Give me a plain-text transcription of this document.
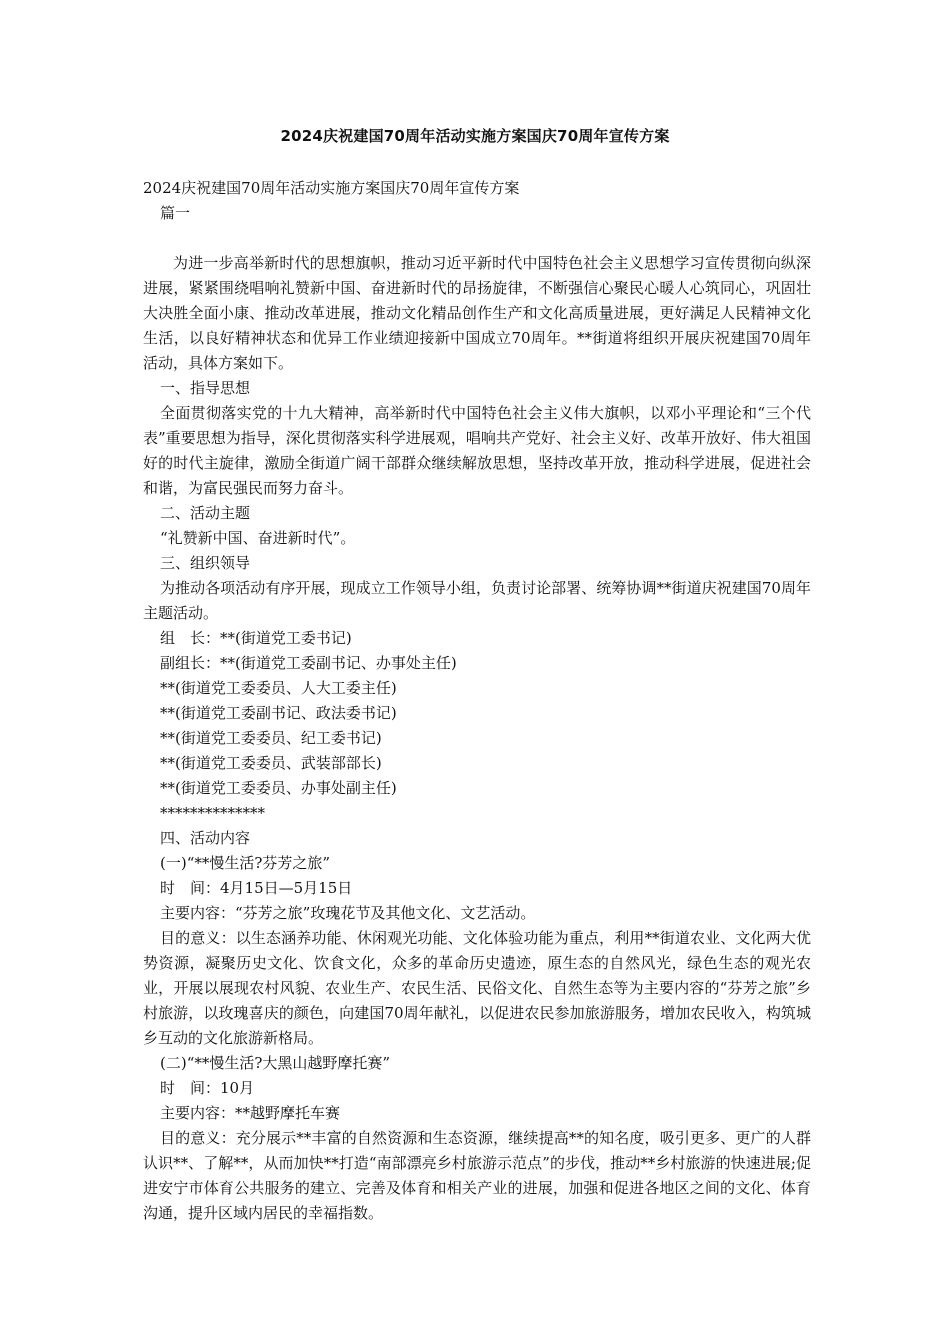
2024庆祝建国70周年活动实施方案国庆70周年宣传方案

2024庆祝建国70周年活动实施方案国庆70周年宣传方案

篇一

为进一步高举新时代的思想旗帜，推动习近平新时代中国特色社会主义思想学习宣传贯彻向纵深进展，紧紧围绕唱响礼赞新中国、奋进新时代的昂扬旋律，不断强信心聚民心暖人心筑同心，巩固壮大决胜全面小康、推动改革进展，推动文化精品创作生产和文化高质量进展，更好满足人民精神文化生活，以良好精神状态和优异工作业绩迎接新中国成立70周年。**街道将组织开展庆祝建国70周年活动，具体方案如下。

一、指导思想

全面贯彻落实党的十九大精神，高举新时代中国特色社会主义伟大旗帜，以邓小平理论和“三个代表”重要思想为指导，深化贯彻落实科学进展观，唱响共产党好、社会主义好、改革开放好、伟大祖国好的时代主旋律，激励全街道广阔干部群众继续解放思想，坚持改革开放，推动科学进展，促进社会和谐，为富民强民而努力奋斗。

二、活动主题

“礼赞新中国、奋进新时代”。

三、组织领导

为推动各项活动有序开展，现成立工作领导小组，负责讨论部署、统筹协调**街道庆祝建国70周年主题活动。

组　长：**(街道党工委书记)

副组长：**(街道党工委副书记、办事处主任)

**(街道党工委委员、人大工委主任)

**(街道党工委副书记、政法委书记)

**(街道党工委委员、纪工委书记)

**(街道党工委委员、武装部部长)

**(街道党工委委员、办事处副主任)

**************

四、活动内容

(一)“**慢生活?芬芳之旅”

时　间：4月15日—5月15日

主要内容：“芬芳之旅”玫瑰花节及其他文化、文艺活动。

目的意义：以生态涵养功能、休闲观光功能、文化体验功能为重点，利用**街道农业、文化两大优势资源，凝聚历史文化、饮食文化，众多的革命历史遗迹，原生态的自然风光，绿色生态的观光农业，开展以展现农村风貌、农业生产、农民生活、民俗文化、自然生态等为主要内容的“芬芳之旅”乡村旅游，以玫瑰喜庆的颜色，向建国70周年献礼，以促进农民参加旅游服务，增加农民收入，构筑城乡互动的文化旅游新格局。

(二)“**慢生活?大黑山越野摩托赛”

时　间：10月

主要内容：**越野摩托车赛

目的意义：充分展示**丰富的自然资源和生态资源，继续提高**的知名度，吸引更多、更广的人群认识**、了解**，从而加快**打造“南部漂亮乡村旅游示范点”的步伐，推动**乡村旅游的快速进展;促进安宁市体育公共服务的建立、完善及体育和相关产业的进展，加强和促进各地区之间的文化、体育沟通，提升区域内居民的幸福指数。
